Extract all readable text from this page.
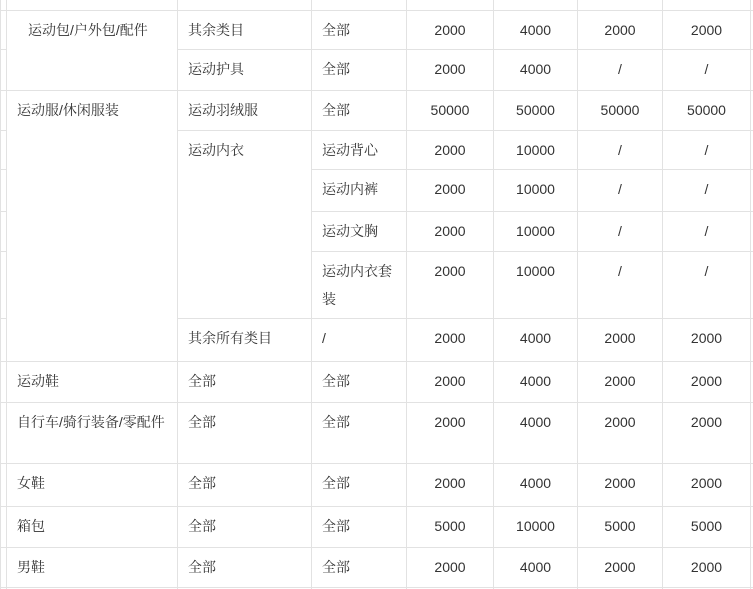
	运动包/户外包/配件	其余类目	全部	2000	4000	2000	2000	
		运动护具	全部	2000	4000	/	/	
	运动服/休闲服装	运动羽绒服	全部	50000	50000	50000	50000	
		运动内衣	运动背心	2000	10000	/	/	
			运动内裤	2000	10000	/	/	
			运动文胸	2000	10000	/	/	
			运动内衣套装	2000	10000	/	/	
		其余所有类目	/	2000	4000	2000	2000	
	运动鞋	全部	全部	2000	4000	2000	2000	
	自行车/骑行装备/零配件	全部	全部	2000	4000	2000	2000	
	女鞋	全部	全部	2000	4000	2000	2000	
	箱包	全部	全部	5000	10000	5000	5000	
	男鞋	全部	全部	2000	4000	2000	2000	
